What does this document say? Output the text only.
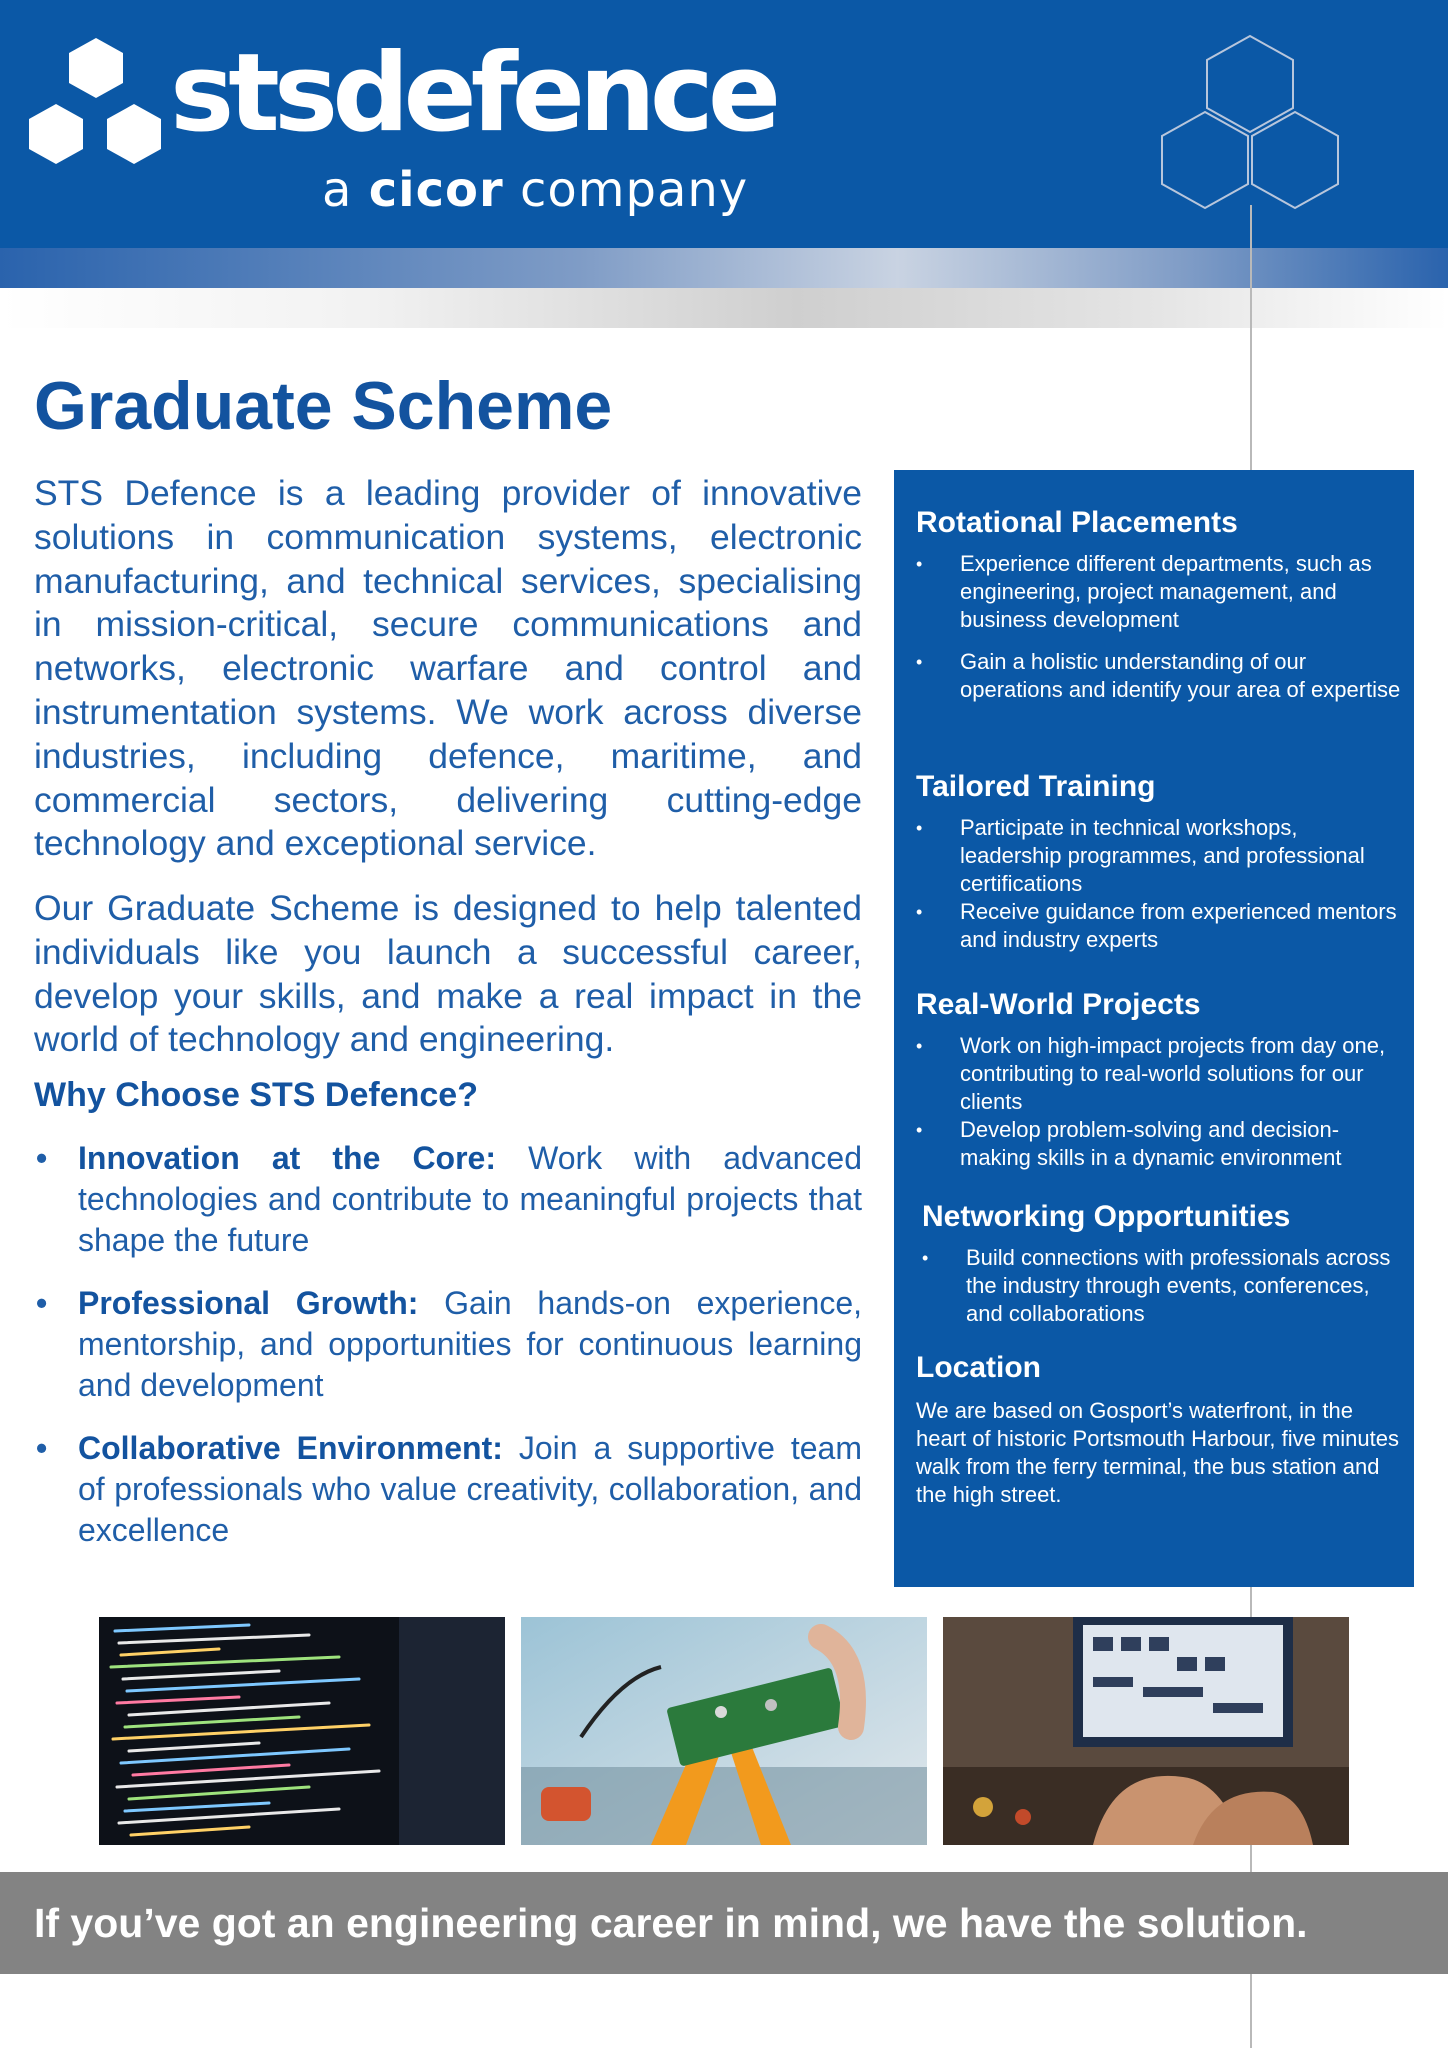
stsdefence
a cicor company
Graduate Scheme

STS Defence is a leading provider of innovative solutions in communication systems, electronic manufacturing, and technical services, specialising in mission-critical, secure communications and networks, electronic warfare and control and instrumentation systems. We work across diverse industries, including defence, maritime, and commercial sectors, delivering cutting-edge technology and exceptional service.

Our Graduate Scheme is designed to help talented individuals like you launch a successful career, develop your skills, and make a real impact in the world of technology and engineering.

Why Choose STS Defence?
• Innovation at the Core: Work with advanced technologies and contribute to meaningful projects that shape the future
• Professional Growth: Gain hands-on experience, mentorship, and opportunities for continuous learning and development
• Collaborative Environment: Join a supportive team of professionals who value creativity, collaboration, and excellence
Rotational Placements
• Experience different departments, such as engineering, project management, and business development
• Gain a holistic understanding of our operations and identify your area of expertise
Tailored Training
• Participate in technical workshops, leadership programmes, and professional certifications
• Receive guidance from experienced mentors and industry experts
Real-World Projects
• Work on high-impact projects from day one, contributing to real-world solutions for our clients
• Develop problem-solving and decision-making skills in a dynamic environment
Networking Opportunities
• Build connections with professionals across the industry through events, conferences, and collaborations
Location

We are based on Gosport’s waterfront, in the heart of historic Portsmouth Harbour, five minutes walk from the ferry terminal, the bus station and the high street.

If you’ve got an engineering career in mind, we have the solution.
